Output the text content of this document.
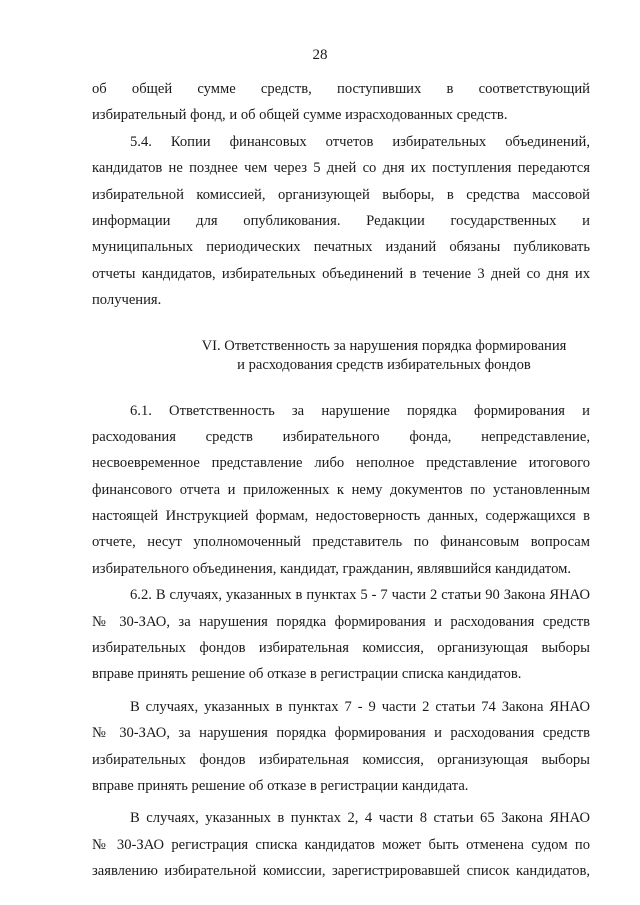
28
об общей сумме средств, поступивших в соответствующий
избирательный фонд, и об общей сумме израсходованных средств.
5.4. Копии финансовых отчетов избирательных объединений,
кандидатов не позднее чем через 5 дней со дня их поступления передаются
избирательной комиссией, организующей выборы, в средства массовой
информации для опубликования. Редакции государственных и
муниципальных периодических печатных изданий обязаны публиковать
отчеты кандидатов, избирательных объединений в течение 3 дней со дня их
получения.
VI. Ответственность за нарушения порядка формирования
и расходования средств избирательных фондов
6.1. Ответственность за нарушение порядка формирования и
расходования средств избирательного фонда, непредставление,
несвоевременное представление либо неполное представление итогового
финансового отчета и приложенных к нему документов по установленным
настоящей Инструкцией формам, недостоверность данных, содержащихся в
отчете, несут уполномоченный представитель по финансовым вопросам
избирательного объединения, кандидат, гражданин, являвшийся кандидатом.
6.2. В случаях, указанных в пунктах 5 - 7 части 2 статьи 90 Закона ЯНАО
№ 30-ЗАО, за нарушения порядка формирования и расходования средств
избирательных фондов избирательная комиссия, организующая выборы
вправе принять решение об отказе в регистрации списка кандидатов.
В случаях, указанных в пунктах 7 - 9 части 2 статьи 74 Закона ЯНАО
№ 30-ЗАО, за нарушения порядка формирования и расходования средств
избирательных фондов избирательная комиссия, организующая выборы
вправе принять решение об отказе в регистрации кандидата.
В случаях, указанных в пунктах 2, 4 части 8 статьи 65 Закона ЯНАО
№ 30-ЗАО регистрация списка кандидатов может быть отменена судом по
заявлению избирательной комиссии, зарегистрировавшей список кандидатов,
